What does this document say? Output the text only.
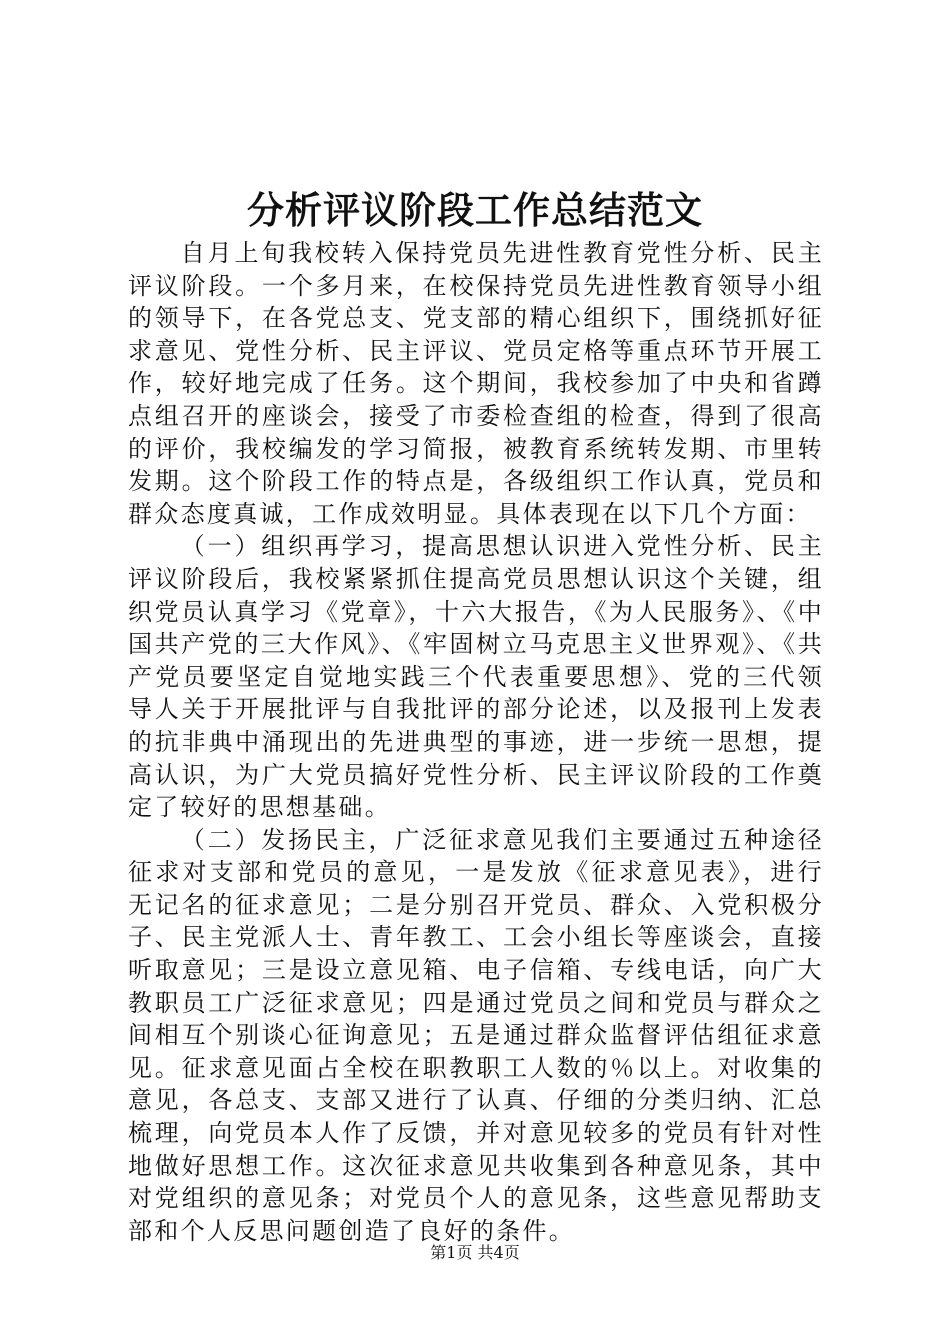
分析评议阶段工作总结范文

自月上旬我校转入保持党员先进性教育党性分析、民主评议阶段。一个多月来，在校保持党员先进性教育领导小组的领导下，在各党总支、党支部的精心组织下，围绕抓好征求意见、党性分析、民主评议、党员定格等重点环节开展工作，较好地完成了任务。这个期间，我校参加了中央和省蹲点组召开的座谈会，接受了市委检查组的检查，得到了很高的评价，我校编发的学习简报，被教育系统转发期、市里转发期。这个阶段工作的特点是，各级组织工作认真，党员和群众态度真诚，工作成效明显。具体表现在以下几个方面：

（一）组织再学习，提高思想认识进入党性分析、民主评议阶段后，我校紧紧抓住提高党员思想认识这个关键，组织党员认真学习《党章》，十六大报告，《为人民服务》、《中国共产党的三大作风》、《牢固树立马克思主义世界观》、《共产党员要坚定自觉地实践三个代表重要思想》、党的三代领导人关于开展批评与自我批评的部分论述，以及报刊上发表的抗非典中涌现出的先进典型的事迹，进一步统一思想，提高认识，为广大党员搞好党性分析、民主评议阶段的工作奠定了较好的思想基础。

（二）发扬民主，广泛征求意见我们主要通过五种途径征求对支部和党员的意见，一是发放《征求意见表》，进行无记名的征求意见；二是分别召开党员、群众、入党积极分子、民主党派人士、青年教工、工会小组长等座谈会，直接听取意见；三是设立意见箱、电子信箱、专线电话，向广大教职员工广泛征求意见；四是通过党员之间和党员与群众之间相互个别谈心征询意见；五是通过群众监督评估组征求意见。征求意见面占全校在职教职工人数的％以上。对收集的意见，各总支、支部又进行了认真、仔细的分类归纳、汇总梳理，向党员本人作了反馈，并对意见较多的党员有针对性地做好思想工作。这次征求意见共收集到各种意见条，其中对党组织的意见条；对党员个人的意见条，这些意见帮助支部和个人反思问题创造了良好的条件。

第1页 共4页
